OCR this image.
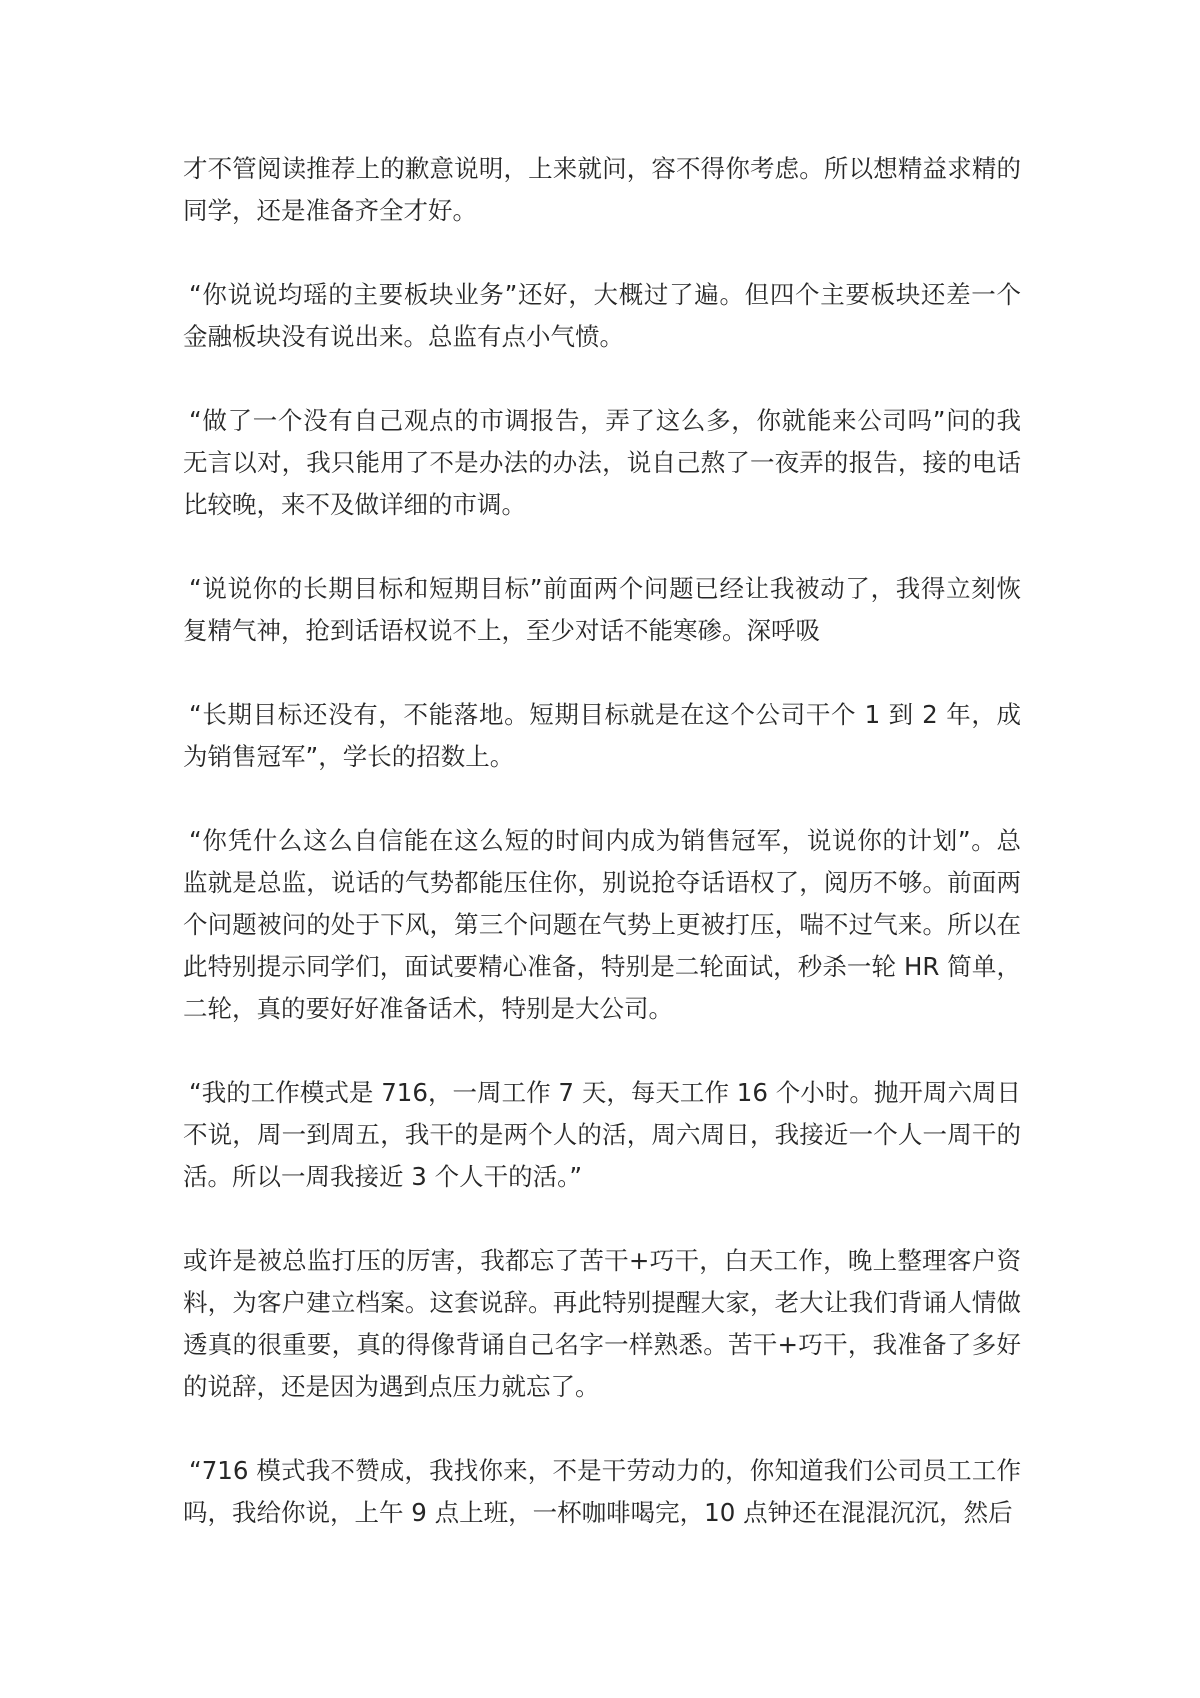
才不管阅读推荐上的歉意说明，上来就问，容不得你考虑。所以想精益求精的同学，还是准备齐全才好。

“你说说均瑶的主要板块业务”还好，大概过了遍。但四个主要板块还差一个金融板块没有说出来。总监有点小气愤。

“做了一个没有自己观点的市调报告，弄了这么多，你就能来公司吗”问的我无言以对，我只能用了不是办法的办法，说自己熬了一夜弄的报告，接的电话比较晚，来不及做详细的市调。

“说说你的长期目标和短期目标”前面两个问题已经让我被动了，我得立刻恢复精气神，抢到话语权说不上，至少对话不能寒碜。深呼吸

“长期目标还没有，不能落地。短期目标就是在这个公司干个 1 到 2 年，成为销售冠军”，学长的招数上。

“你凭什么这么自信能在这么短的时间内成为销售冠军，说说你的计划”。总监就是总监，说话的气势都能压住你，别说抢夺话语权了，阅历不够。前面两个问题被问的处于下风，第三个问题在气势上更被打压，喘不过气来。所以在此特别提示同学们，面试要精心准备，特别是二轮面试，秒杀一轮 HR 简单，二轮，真的要好好准备话术，特别是大公司。

“我的工作模式是 716，一周工作 7 天，每天工作 16 个小时。抛开周六周日不说，周一到周五，我干的是两个人的活，周六周日，我接近一个人一周干的活。所以一周我接近 3 个人干的活。”

或许是被总监打压的厉害，我都忘了苦干+巧干，白天工作，晚上整理客户资料，为客户建立档案。这套说辞。再此特别提醒大家，老大让我们背诵人情做透真的很重要，真的得像背诵自己名字一样熟悉。苦干+巧干，我准备了多好的说辞，还是因为遇到点压力就忘了。

“716 模式我不赞成，我找你来，不是干劳动力的，你知道我们公司员工工作吗，我给你说，上午 9 点上班，一杯咖啡喝完，10 点钟还在混混沉沉，然后
